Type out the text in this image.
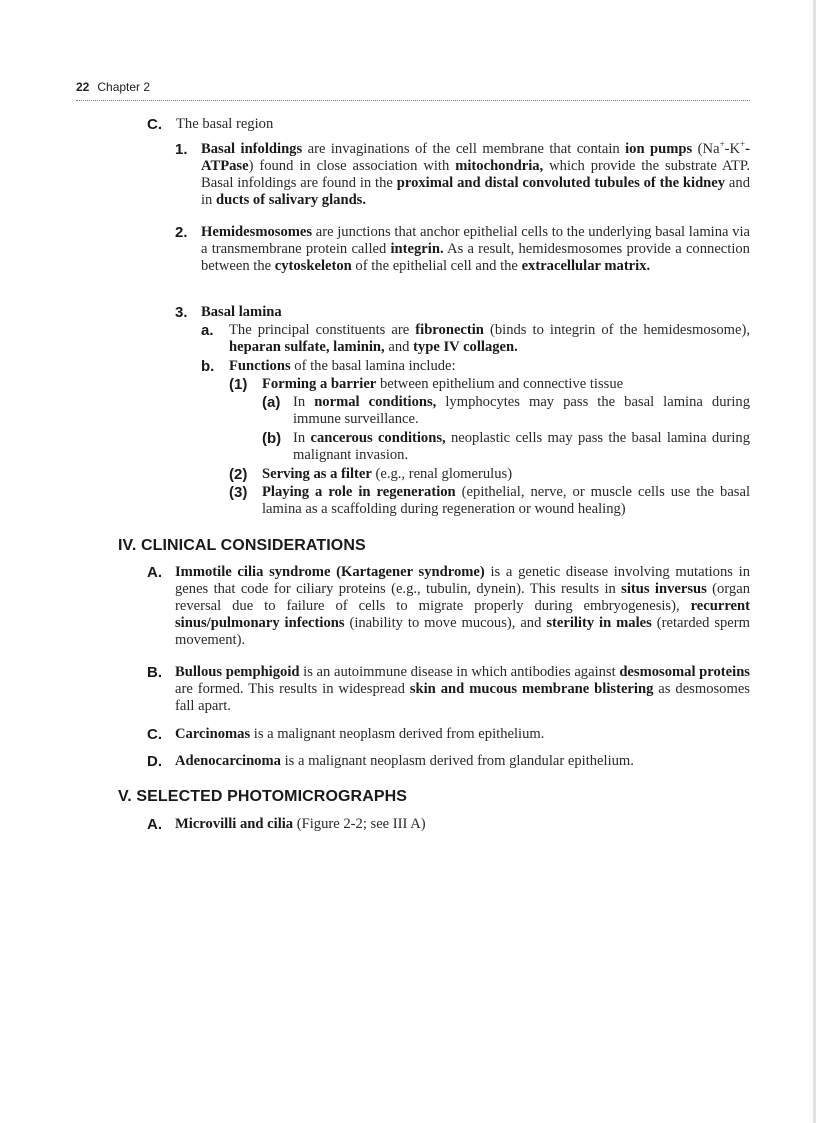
22 Chapter 2
C. The basal region
1. Basal infoldings are invaginations of the cell membrane that contain ion pumps (Na+-K+-ATPase) found in close association with mitochondria, which provide the substrate ATP. Basal infoldings are found in the proximal and distal convoluted tubules of the kidney and in ducts of salivary glands.
2. Hemidesmosomes are junctions that anchor epithelial cells to the underlying basal lamina via a transmembrane protein called integrin. As a result, hemidesmosomes provide a connection between the cytoskeleton of the epithelial cell and the extracellular matrix.
3. Basal lamina
a. The principal constituents are fibronectin (binds to integrin of the hemidesmosome), heparan sulfate, laminin, and type IV collagen.
b. Functions of the basal lamina include:
(1) Forming a barrier between epithelium and connective tissue
(a) In normal conditions, lymphocytes may pass the basal lamina during immune surveillance.
(b) In cancerous conditions, neoplastic cells may pass the basal lamina during malignant invasion.
(2) Serving as a filter (e.g., renal glomerulus)
(3) Playing a role in regeneration (epithelial, nerve, or muscle cells use the basal lamina as a scaffolding during regeneration or wound healing)
IV. CLINICAL CONSIDERATIONS
A. Immotile cilia syndrome (Kartagener syndrome) is a genetic disease involving mutations in genes that code for ciliary proteins (e.g., tubulin, dynein). This results in situs inversus (organ reversal due to failure of cells to migrate properly during embryogenesis), recurrent sinus/pulmonary infections (inability to move mucous), and sterility in males (retarded sperm movement).
B. Bullous pemphigoid is an autoimmune disease in which antibodies against desmosomal proteins are formed. This results in widespread skin and mucous membrane blistering as desmosomes fall apart.
C. Carcinomas is a malignant neoplasm derived from epithelium.
D. Adenocarcinoma is a malignant neoplasm derived from glandular epithelium.
V. SELECTED PHOTOMICROGRAPHS
A. Microvilli and cilia (Figure 2-2; see III A)
